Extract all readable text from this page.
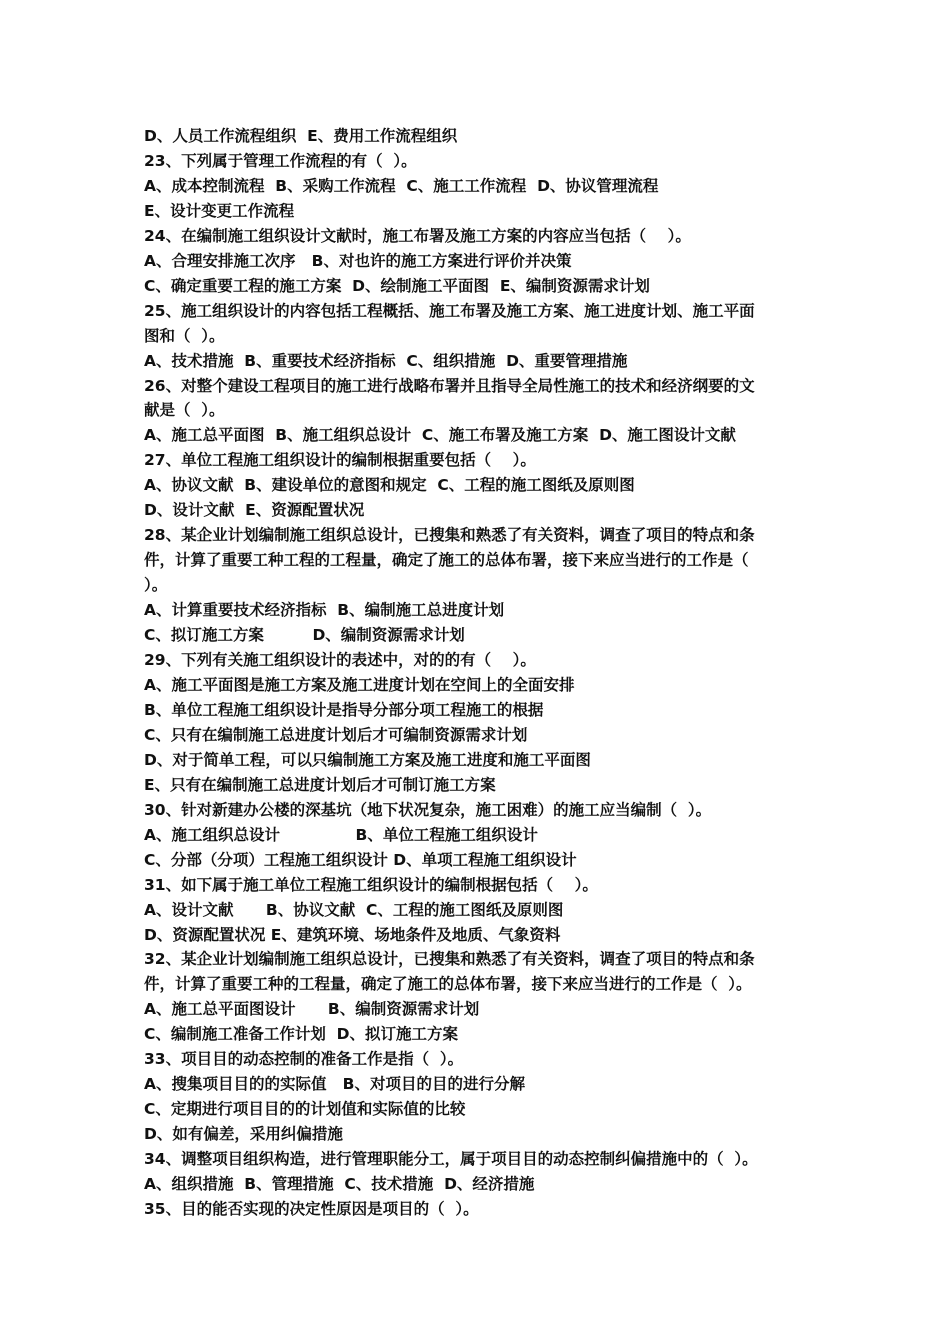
D、人员工作流程组织  E、费用工作流程组织
23、下列属于管理工作流程的有（  ）。
A、成本控制流程  B、采购工作流程  C、施工工作流程  D、协议管理流程
E、设计变更工作流程
24、在编制施工组织设计文献时，施工布署及施工方案的内容应当包括（    ）。
A、合理安排施工次序   B、对也许的施工方案进行评价并决策
C、确定重要工程的施工方案  D、绘制施工平面图  E、编制资源需求计划
25、施工组织设计的内容包括工程概括、施工布署及施工方案、施工进度计划、施工平面
图和（  ）。
A、技术措施  B、重要技术经济指标  C、组织措施  D、重要管理措施
26、对整个建设工程项目的施工进行战略布署并且指导全局性施工的技术和经济纲要的文
献是（  ）。
A、施工总平面图  B、施工组织总设计  C、施工布署及施工方案  D、施工图设计文献
27、单位工程施工组织设计的编制根据重要包括（    ）。
A、协议文献  B、建设单位的意图和规定  C、工程的施工图纸及原则图
D、设计文献  E、资源配置状况
28、某企业计划编制施工组织总设计，已搜集和熟悉了有关资料，调查了项目的特点和条
件，计算了重要工种工程的工程量，确定了施工的总体布署，接下来应当进行的工作是（
）。
A、计算重要技术经济指标  B、编制施工总进度计划
C、拟订施工方案         D、编制资源需求计划
29、下列有关施工组织设计的表述中，对的的有（    ）。
A、施工平面图是施工方案及施工进度计划在空间上的全面安排
B、单位工程施工组织设计是指导分部分项工程施工的根据
C、只有在编制施工总进度计划后才可编制资源需求计划
D、对于简单工程，可以只编制施工方案及施工进度和施工平面图
E、只有在编制施工总进度计划后才可制订施工方案
30、针对新建办公楼的深基坑（地下状况复杂，施工困难）的施工应当编制（  ）。
A、施工组织总设计              B、单位工程施工组织设计
C、分部（分项）工程施工组织设计 D、单项工程施工组织设计
31、如下属于施工单位工程施工组织设计的编制根据包括（    ）。
A、设计文献      B、协议文献  C、工程的施工图纸及原则图
D、资源配置状况 E、建筑环境、场地条件及地质、气象资料
32、某企业计划编制施工组织总设计，已搜集和熟悉了有关资料，调查了项目的特点和条
件，计算了重要工种的工程量，确定了施工的总体布署，接下来应当进行的工作是（  ）。
A、施工总平面图设计      B、编制资源需求计划
C、编制施工准备工作计划  D、拟订施工方案
33、项目目的动态控制的准备工作是指（  ）。
A、搜集项目目的的实际值   B、对项目的目的进行分解
C、定期进行项目目的的计划值和实际值的比较
D、如有偏差，采用纠偏措施
34、调整项目组织构造，进行管理职能分工，属于项目目的动态控制纠偏措施中的（  ）。
A、组织措施  B、管理措施  C、技术措施  D、经济措施
35、目的能否实现的决定性原因是项目的（  ）。
